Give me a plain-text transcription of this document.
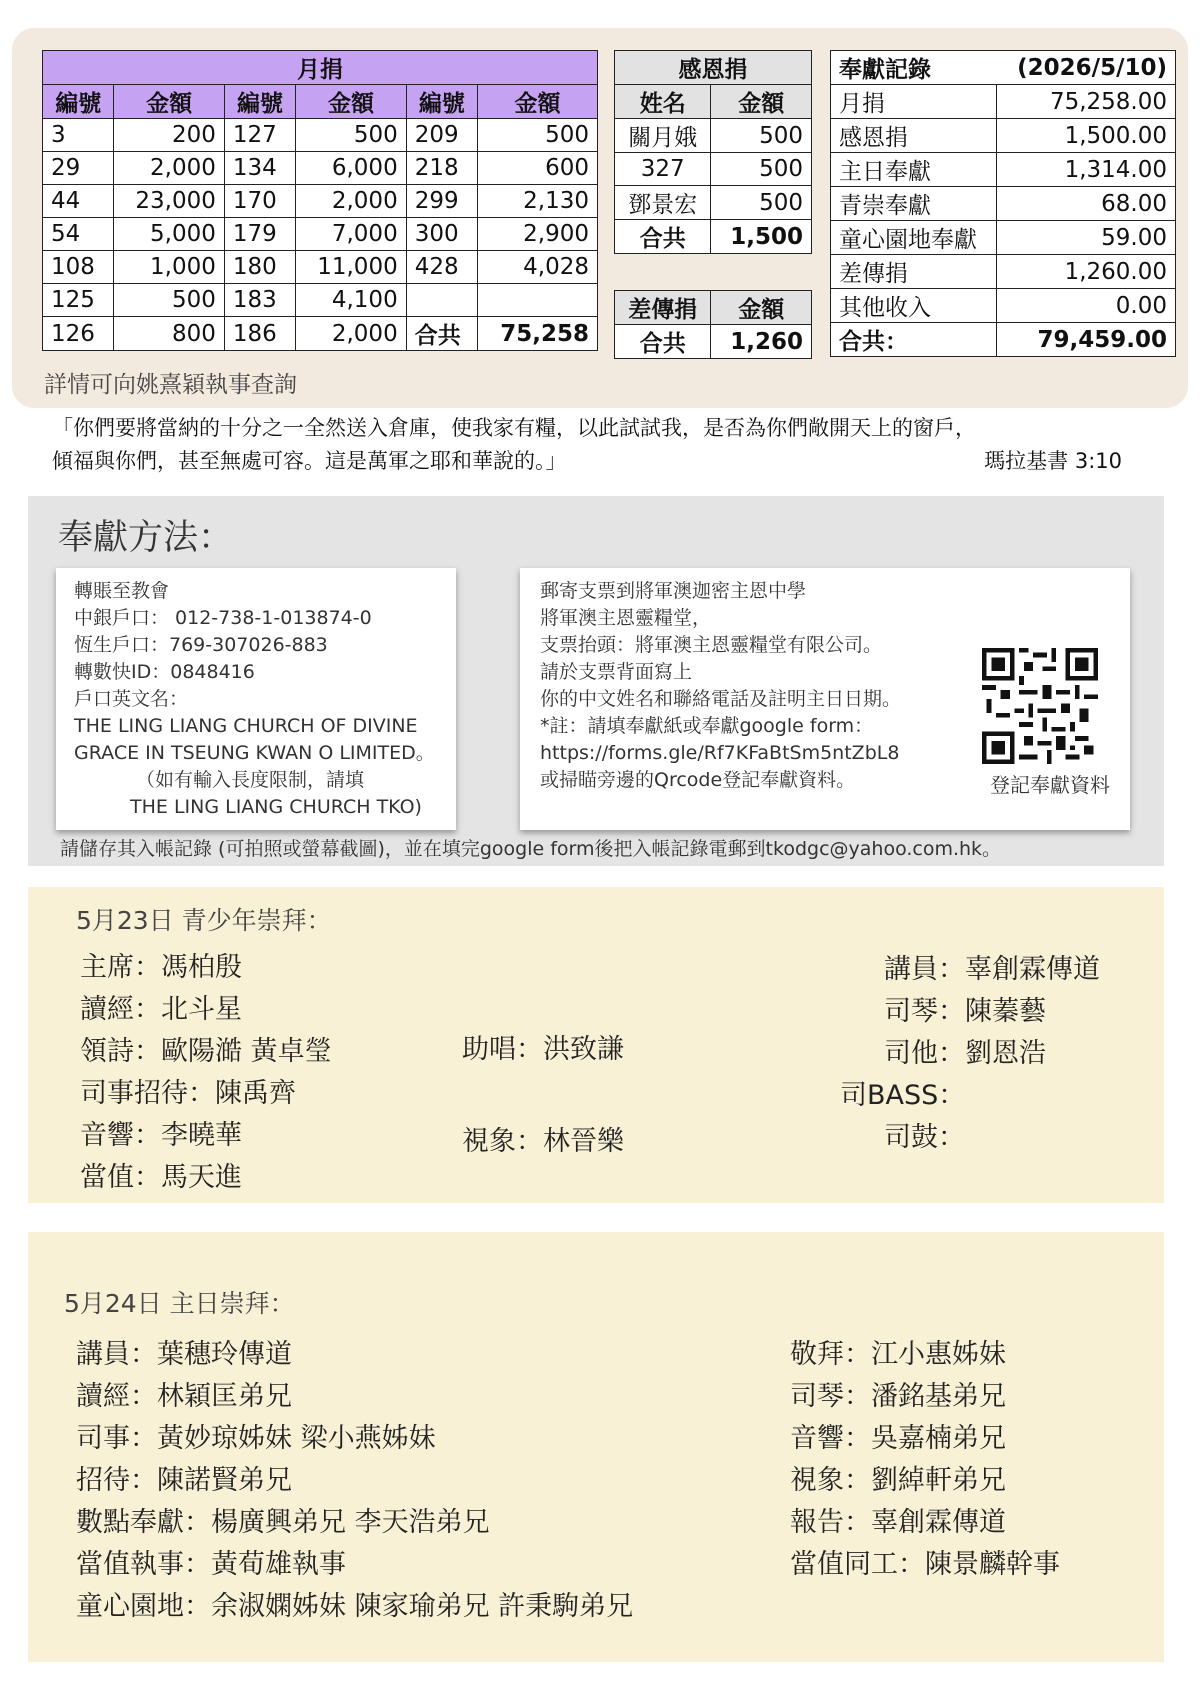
月捐					
編號	金額	編號	金額	編號	金額
3	200	127	500	209	500
29	2,000	134	6,000	218	600
44	23,000	170	2,000	299	2,130
54	5,000	179	7,000	300	2,900
108	1,000	180	11,000	428	4,028
125	500	183	4,100		
126	800	186	2,000	合共	75,258
感恩捐	
姓名	金額
關月娥	500
327	500
鄧景宏	500
合共	1,500
差傳捐	金額
合共	1,260
奉獻記錄	(2026/5/10)
月捐	75,258.00
感恩捐	1,500.00
主日奉獻	1,314.00
青崇奉獻	68.00
童心園地奉獻	59.00
差傳捐	1,260.00
其他收入	0.00
合共：	79,459.00
詳情可向姚熹穎執事查詢
「你們要將當納的十分之一全然送入倉庫，使我家有糧，以此試試我，是否為你們敞開天上的窗戶，
傾福與你們，甚至無處可容。這是萬軍之耶和華說的。」	瑪拉基書 3:10
奉獻方法：
轉賬至教會
中銀戶口： 012-738-1-013874-0
恆生戶口：769-307026-883
轉數快ID：0848416
戶口英文名：
THE LING LIANG CHURCH OF DIVINE
GRACE IN TSEUNG KWAN O LIMITED。
（如有輸入長度限制，請填
THE LING LIANG CHURCH TKO)
郵寄支票到將軍澳迦密主恩中學
將軍澳主恩靈糧堂，
支票抬頭：將軍澳主恩靈糧堂有限公司。
請於支票背面寫上
你的中文姓名和聯絡電話及註明主日日期。
*註：請填奉獻紙或奉獻google form：
https://forms.gle/Rf7KFaBtSm5ntZbL8
或掃瞄旁邊的Qrcode登記奉獻資料。	登記奉獻資料
請儲存其入帳記錄 (可拍照或螢幕截圖)，並在填完google form後把入帳記錄電郵到tkodgc@yahoo.com.hk。
5月23日 青少年崇拜：
主席：馮柏殷
讀經：北斗星
領詩：歐陽澔 黃卓瑩
司事招待：陳禹齊
音響：李曉華
當值：馬天進
助唱：洪致謙
視象：林晉樂
講員：辜創霖傳道
司琴：陳蓁藝
司他：劉恩浩
司BASS：
司鼓：
5月24日 主日崇拜：
講員：葉穗玲傳道
讀經：林穎匡弟兄
司事：黃妙琼姊妹 梁小燕姊妹
招待：陳諾賢弟兄
數點奉獻：楊廣興弟兄 李天浩弟兄
當值執事：黃荀雄執事
童心園地：余淑嫻姊妹 陳家瑜弟兄 許秉駒弟兄
敬拜：江小惠姊妹
司琴：潘銘基弟兄
音響：吳嘉楠弟兄
視象：劉綽軒弟兄
報告：辜創霖傳道
當值同工：陳景麟幹事
